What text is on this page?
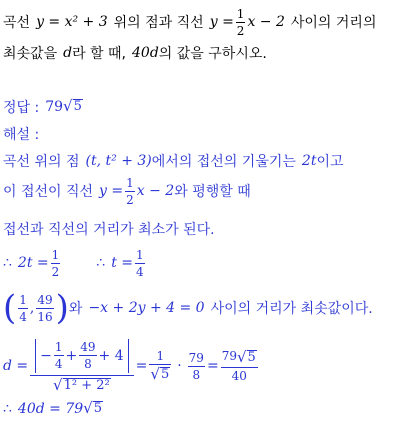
곡선 y = x² + 3 위의 점과 직선 $y = \frac{1}{2}$ x − 2 사이의 거리의
최솟값을 d 라 할 때, 40d 의 값을 구하시오.
정답 : 79 √ 5
해설 :
곡선 위의 점 (t, t² + 3) 에서의 접선의 기울기는 2t 이고
이 접선이 직선 $y = \frac{1}{2}$ x − 2 와 평행할 때
접선과 직선의 거리가 최소가 된다.
∴ $2t = \frac{1}{2}$	∴ $t = \frac{1}{4}$
( $\frac{1}{4}$ , $\frac{49}{16}$ ) 와 −x + 2y + 4 = 0 사이의 거리가 최솟값이다.
$d = \frac{- \frac{1}{4} + \frac{49}{8} + 4}{\text{√ 1² + 2²}} = \frac{1}{√ 5} \cdot \frac{79}{8} = \frac{79 √ 5}{40}$
∴ 40d = 79 √ 5
